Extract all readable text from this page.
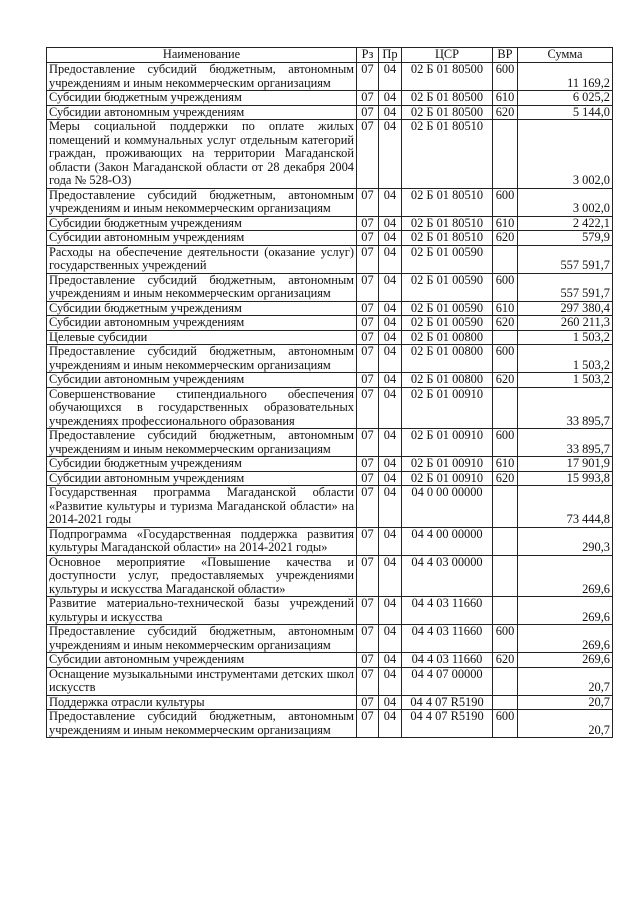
Наименование	Рз	Пр	ЦСР	ВР	Сумма
Предоставление субсидий бюджетным, автономным учреждениям и иным некоммерческим организациям	07	04	02 Б 01 80500	600	11 169,2
Субсидии бюджетным учреждениям	07	04	02 Б 01 80500	610	6 025,2
Субсидии автономным учреждениям	07	04	02 Б 01 80500	620	5 144,0
Меры социальной поддержки по оплате жилых помещений и коммунальных услуг отдельным категорий граждан, проживающих на территории Магаданской области (Закон Магаданской области от 28 декабря 2004 года № 528-ОЗ)	07	04	02 Б 01 80510		3 002,0
Предоставление субсидий бюджетным, автономным учреждениям и иным некоммерческим организациям	07	04	02 Б 01 80510	600	3 002,0
Субсидии бюджетным учреждениям	07	04	02 Б 01 80510	610	2 422,1
Субсидии автономным учреждениям	07	04	02 Б 01 80510	620	579,9
Расходы на обеспечение деятельности (оказание услуг) государственных учреждений	07	04	02 Б 01 00590		557 591,7
Предоставление субсидий бюджетным, автономным учреждениям и иным некоммерческим организациям	07	04	02 Б 01 00590	600	557 591,7
Субсидии бюджетным учреждениям	07	04	02 Б 01 00590	610	297 380,4
Субсидии автономным учреждениям	07	04	02 Б 01 00590	620	260 211,3
Целевые субсидии	07	04	02 Б 01 00800		1 503,2
Предоставление субсидий бюджетным, автономным учреждениям и иным некоммерческим организациям	07	04	02 Б 01 00800	600	1 503,2
Субсидии автономным учреждениям	07	04	02 Б 01 00800	620	1 503,2
Совершенствование стипендиального обеспечения обучающихся в государственных образовательных учреждениях профессионального образования	07	04	02 Б 01 00910		33 895,7
Предоставление субсидий бюджетным, автономным учреждениям и иным некоммерческим организациям	07	04	02 Б 01 00910	600	33 895,7
Субсидии бюджетным учреждениям	07	04	02 Б 01 00910	610	17 901,9
Субсидии автономным учреждениям	07	04	02 Б 01 00910	620	15 993,8
Государственная программа Магаданской области «Развитие культуры и туризма Магаданской области» на 2014-2021 годы	07	04	04 0 00 00000		73 444,8
Подпрограмма «Государственная поддержка развития культуры Магаданской области» на 2014-2021 годы»	07	04	04 4 00 00000		290,3
Основное мероприятие «Повышение качества и доступности услуг, предоставляемых учреждениями культуры и искусства Магаданской области»	07	04	04 4 03 00000		269,6
Развитие материально-технической базы учреждений культуры и искусства	07	04	04 4 03 11660		269,6
Предоставление субсидий бюджетным, автономным учреждениям и иным некоммерческим организациям	07	04	04 4 03 11660	600	269,6
Субсидии автономным учреждениям	07	04	04 4 03 11660	620	269,6
Оснащение музыкальными инструментами детских школ искусств	07	04	04 4 07 00000		20,7
Поддержка отрасли культуры	07	04	04 4 07 R5190		20,7
Предоставление субсидий бюджетным, автономным учреждениям и иным некоммерческим организациям	07	04	04 4 07 R5190	600	20,7
